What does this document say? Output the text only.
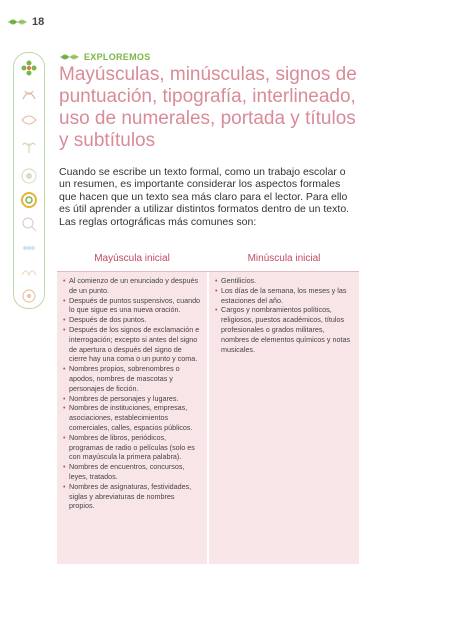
18
EXPLOREMOS
Mayúsculas, minúsculas, signos de puntuación, tipografía, interlineado, uso de numerales, portada y títulos y subtítulos

Cuando se escribe un texto formal, como un trabajo escolar o un resumen, es importante considerar los aspectos formales que hacen que un texto sea más claro para el lector. Para ello es útil aprender a utilizar distintos formatos dentro de un texto. Las reglas ortográficas más comunes son:

Mayúscula inicial	Minúscula inicial
• Al comienzo de un enunciado y después de un punto.
• Después de puntos suspensivos, cuando lo que sigue es una nueva oración.
• Después de dos puntos.
• Después de los signos de exclamación e interrogación; excepto si antes del signo de apertura o después del signo de cierre hay una coma o un punto y coma.
• Nombres propios, sobrenombres o apodos, nombres de mascotas y personajes de ficción.
• Nombres de personajes y lugares.
• Nombres de instituciones, empresas, asociaciones, establecimientos comerciales, calles, espacios públicos.
• Nombres de libros, periódicos, programas de radio o películas (solo es con mayúscula la primera palabra).
• Nombres de encuentros, concursos, leyes, tratados.
• Nombres de asignaturas, festividades, siglas y abreviaturas de nombres propios.
• Gentilicios.
• Los días de la semana, los meses y las estaciones del año.
• Cargos y nombramientos políticos, religiosos, puestos académicos, títulos profesionales o grados militares, nombres de elementos químicos y notas musicales.
